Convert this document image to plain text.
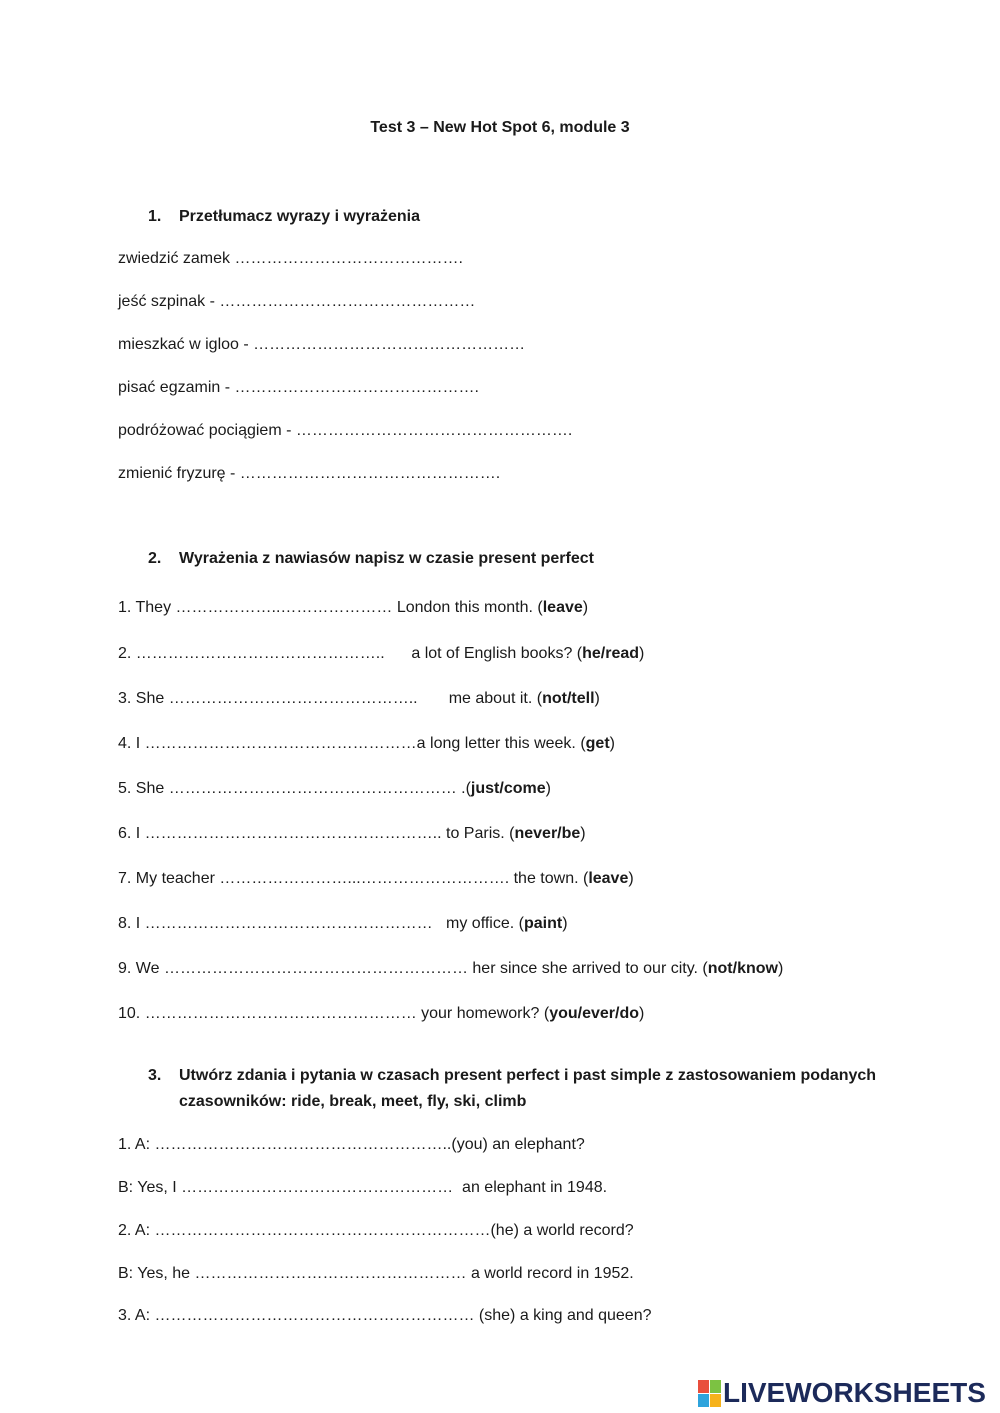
Test 3 – New Hot Spot 6, module 3
1. Przetłumacz wyrazy i wyrażenia
zwiedzić zamek …………………………………….
jeść szpinak - …………………………………………
mieszkać w igloo - ……………………………………………
pisać egzamin - ……………………………………….
podróżować pociągiem - …………………………………………….
zmienić fryzurę - ………………………………………….
2. Wyrażenia z nawiasów napisz w czasie present perfect
1. They ………………..………………… London this month. (leave)
2. ………………………………………..      a lot of English books? (he/read)
3. She ………………………………………..       me about it. (not/tell)
4. I ……………………………………………a long letter this week. (get)
5. She ……………………………………………… .(just/come)
6. I ……………………………………………….. to Paris. (never/be)
7. My teacher ……………………...………………………. the town. (leave)
8. I ………………………………………………   my office. (paint)
9. We ………………………………………………… her since she arrived to our city. (not/know)
10. …………………………………………… your homework? (you/ever/do)
3. Utwórz zdania i pytania w czasach present perfect i past simple z zastosowaniem podanych czasowników: ride, break, meet, fly, ski, climb
1. A: ………………………………………………..(you) an elephant?
B: Yes, I ……………………………………………  an elephant in 1948.
2. A: ………………………………………………………(he) a world record?
B: Yes, he …………………………………………… a world record in 1952.
3. A: …………………………………………………… (she) a king and queen?
LIVEWORKSHEETS
